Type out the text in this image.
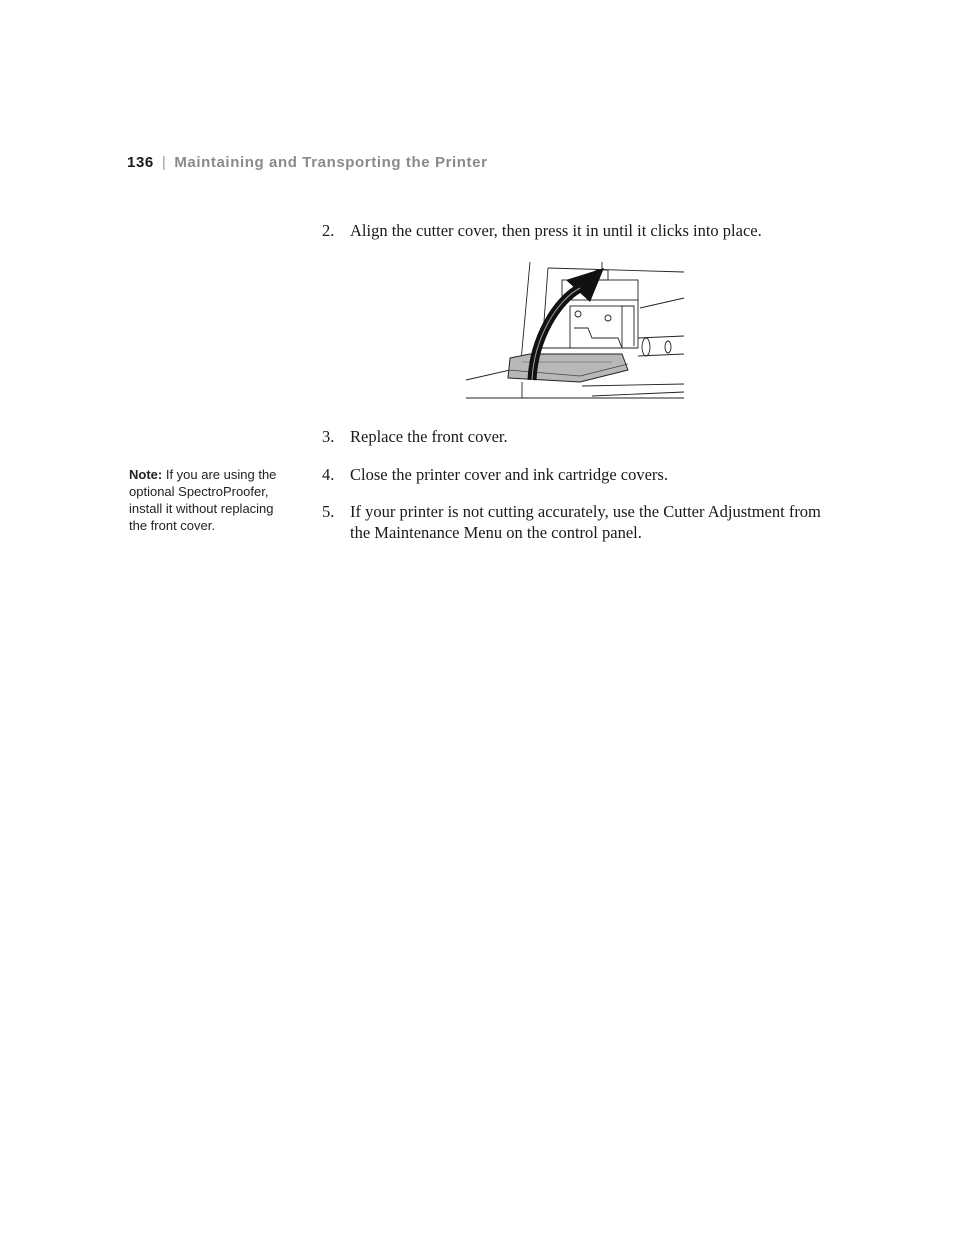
136 | Maintaining and Transporting the Printer
2. Align the cutter cover, then press it in until it clicks into place.
3. Replace the front cover.
4. Close the printer cover and ink cartridge covers.
5. If your printer is not cutting accurately, use the Cutter Adjustment from the Maintenance Menu on the control panel.
Note: If you are using the optional SpectroProofer, install it without replacing the front cover.
